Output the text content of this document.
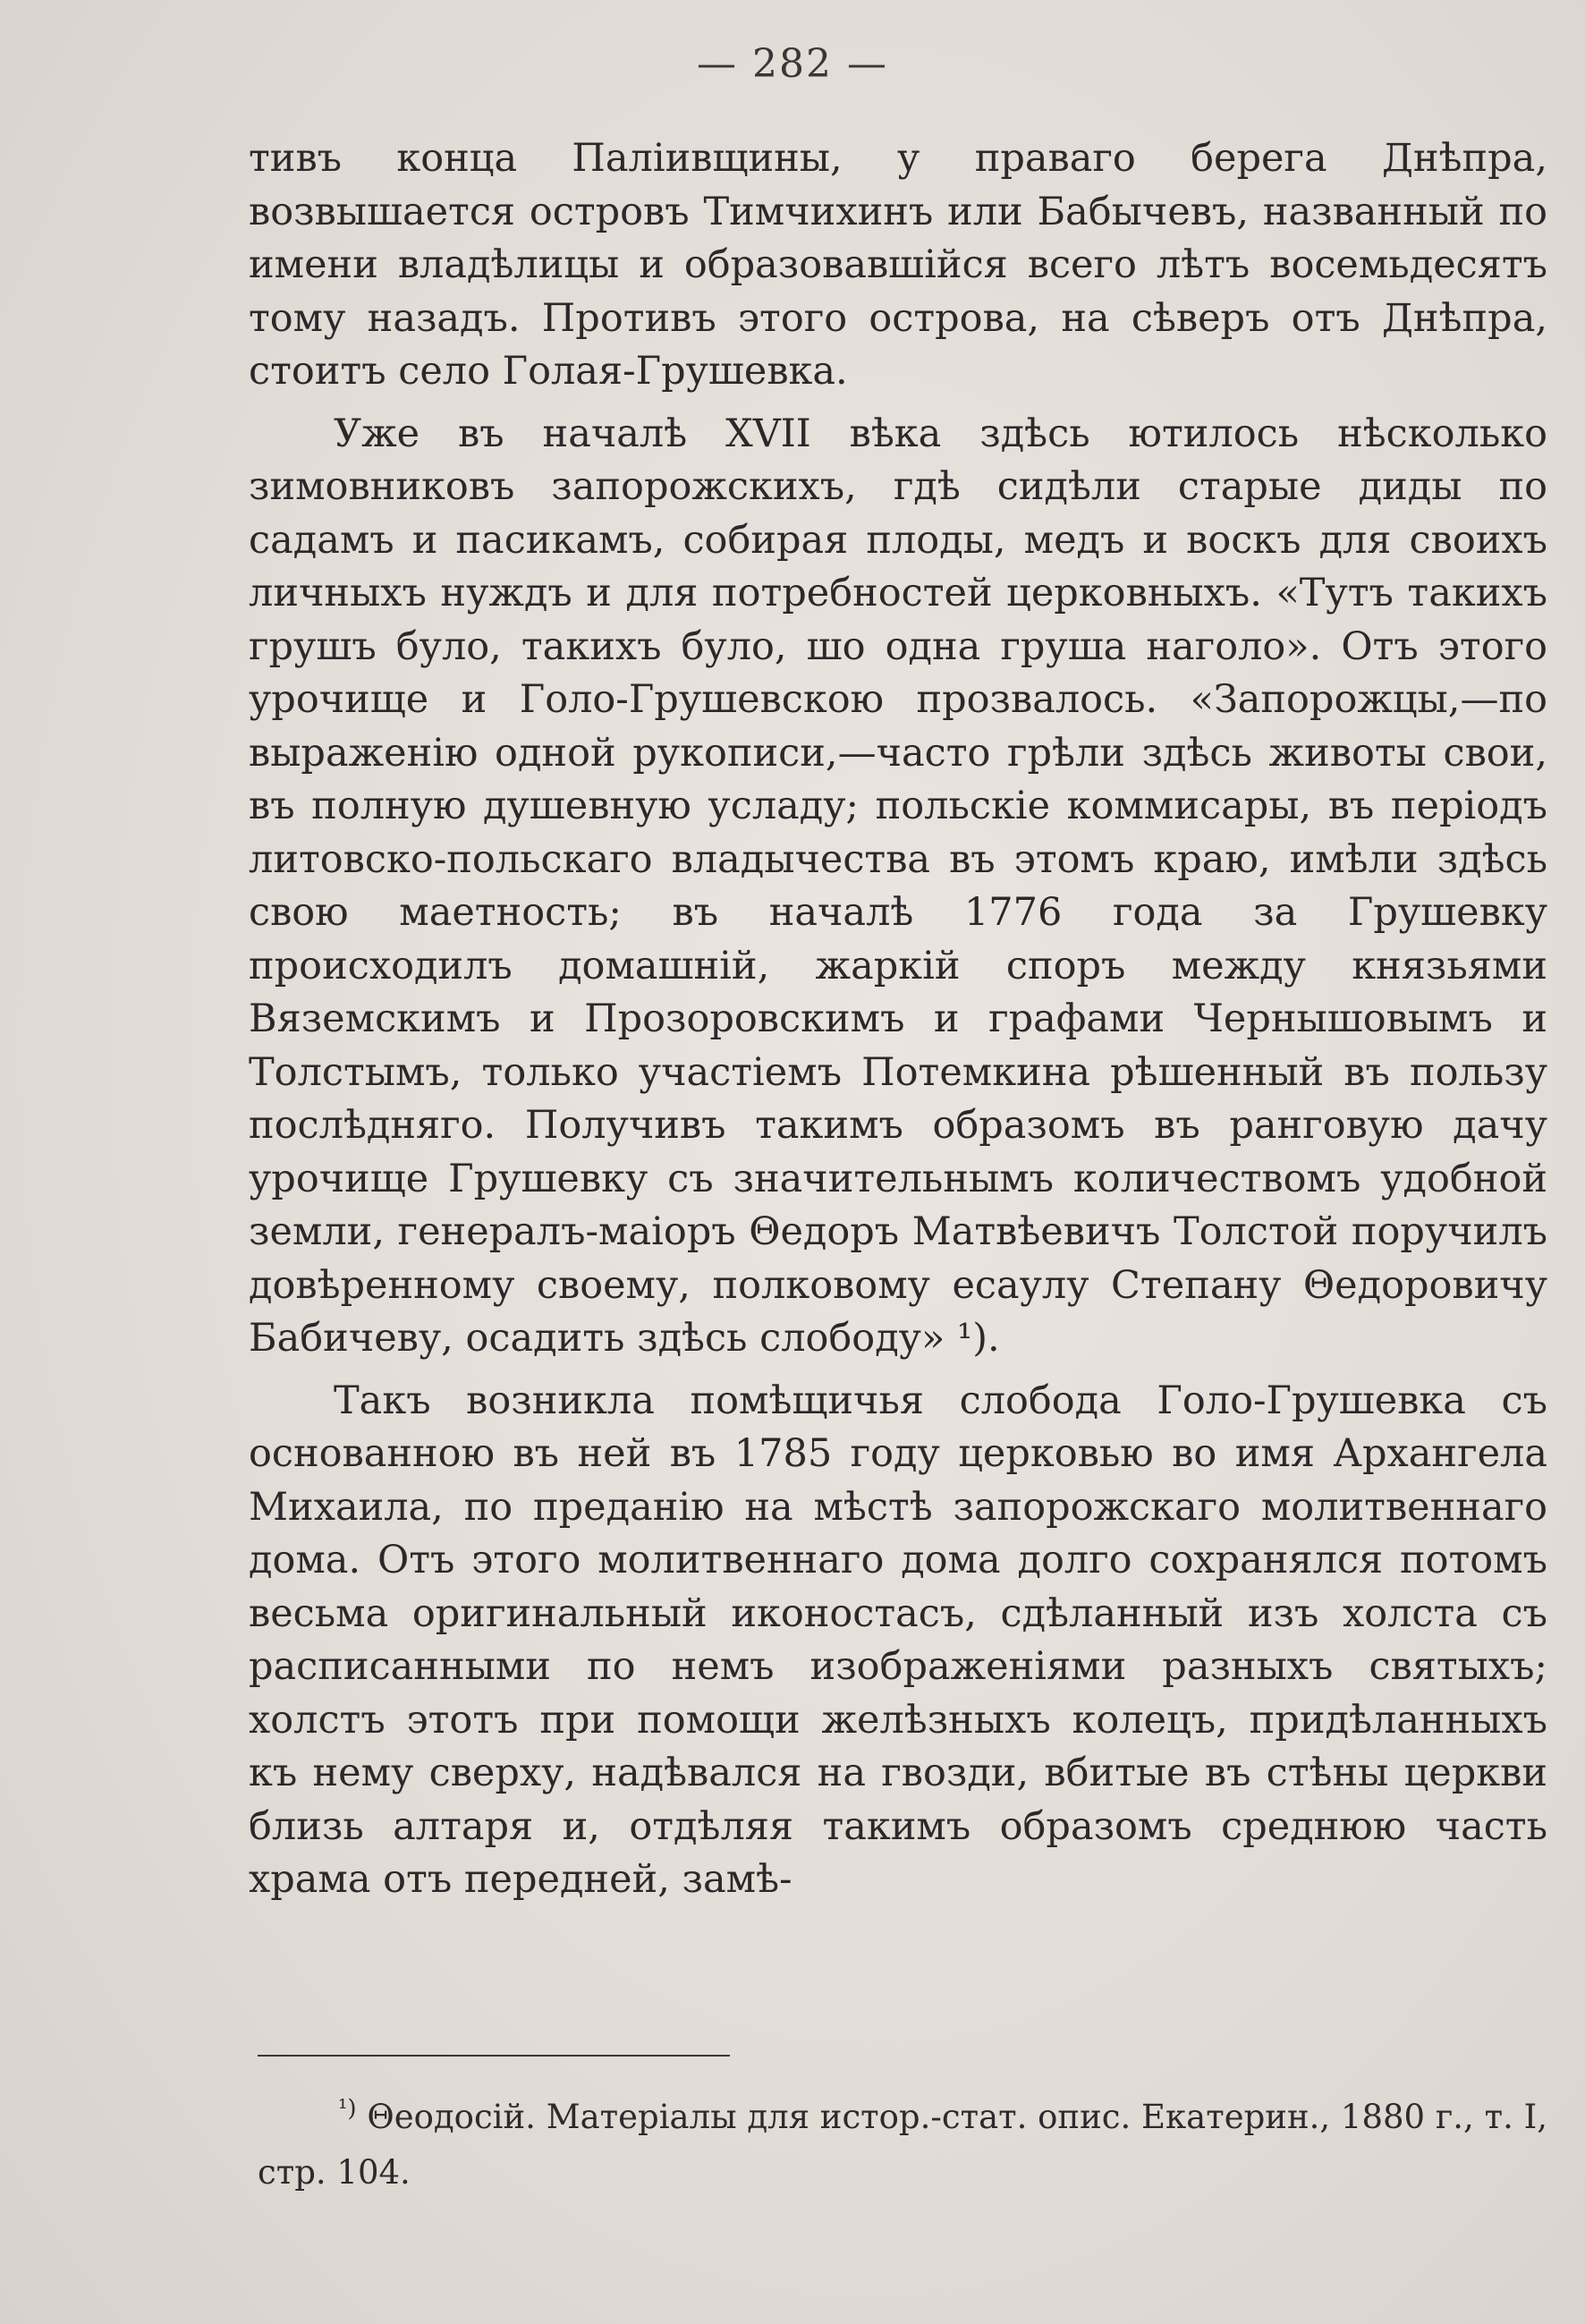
— 282 —

тивъ конца Палiивщины, у праваго берега Днѣпра, возвышается островъ Тимчихинъ или Бабычевъ, названный по имени владѣлицы и образовавшiйся всего лѣтъ восемьдесятъ тому назадъ. Противъ этого острова, на сѣверъ отъ Днѣпра, стоитъ село Голая-Грушевка.

Уже въ началѣ XVII вѣка здѣсь ютилось нѣсколько зимовниковъ запорожскихъ, гдѣ сидѣли старые диды по садамъ и пасикамъ, собирая плоды, медъ и воскъ для своихъ личныхъ нуждъ и для потребностей церковныхъ. «Тутъ такихъ грушъ було, такихъ було, шо одна груша наголо». Отъ этого урочище и Голо-Грушевскою прозвалось. «Запорожцы,—по выраженiю одной рукописи,—часто грѣли здѣсь животы свои, въ полную душевную усладу; польскiе коммисары, въ перiодъ литовско-польскаго владычества въ этомъ краю, имѣли здѣсь свою маетность; въ началѣ 1776 года за Грушевку происходилъ домашнiй, жаркiй споръ между князьями Вяземскимъ и Прозоровскимъ и графами Чернышовымъ и Толстымъ, только участiемъ Потемкина рѣшенный въ пользу послѣдняго. Получивъ такимъ образомъ въ ранговую дачу урочище Грушевку съ значительнымъ количествомъ удобной земли, генералъ-маiоръ Θедоръ Матвѣевичъ Толстой поручилъ довѣренному своему, полковому есаулу Степану Θедоровичу Бабичеву, осадить здѣсь слободу» ¹).

Такъ возникла помѣщичья слобода Голо-Грушевка съ основанною въ ней въ 1785 году церковью во имя Архангела Михаила, по преданiю на мѣстѣ запорожскаго молитвеннаго дома. Отъ этого молитвеннаго дома долго сохранялся потомъ весьма оригинальный иконостасъ, сдѣланный изъ холста съ расписанными по немъ изображенiями разныхъ святыхъ; холстъ этотъ при помощи желѣзныхъ колецъ, придѣланныхъ къ нему сверху, надѣвался на гвозди, вбитые въ стѣны церкви близь алтаря и, отдѣляя такимъ образомъ среднюю часть храма отъ передней, замѣ-

$^{^1)}$ Θеодосiй. Матерiалы для истор.-стат. опис. Екатерин., 1880 г., т. I, стр. 104.
